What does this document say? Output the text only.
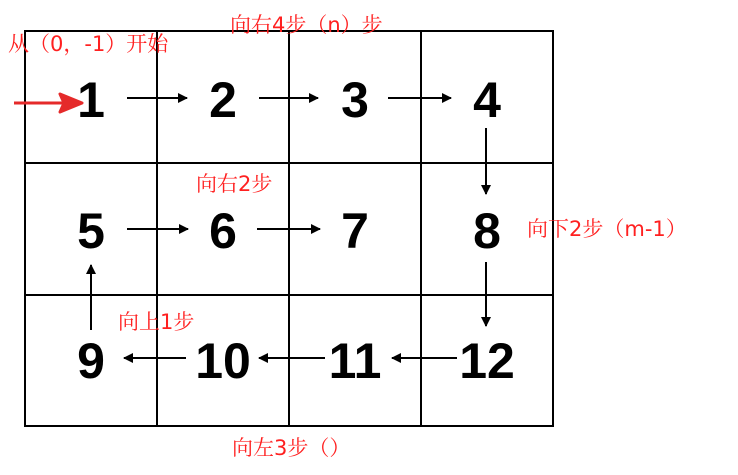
1 2 3 4
5 6 7 8
9 10 11 12
从（0，-1）开始
向右4步（n）步
向右2步
向下2步（m-1）
向上1步
向左3步（）
